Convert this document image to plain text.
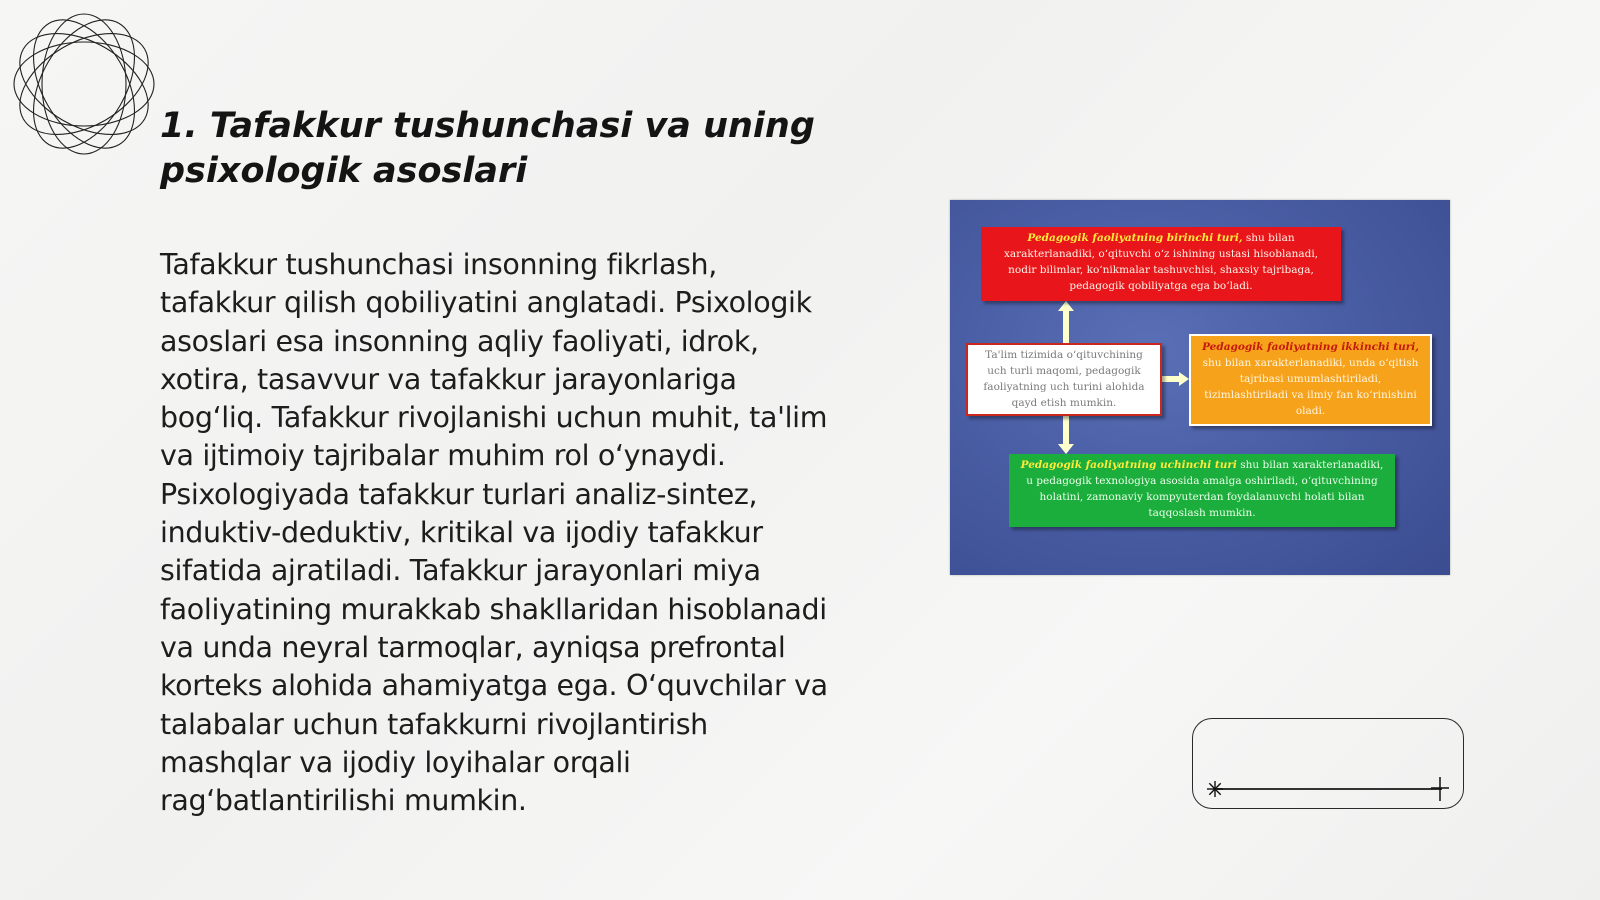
1. Tafakkur tushunchasi va uning
psixologik asoslari

Tafakkur tushunchasi insonning fikrlash, tafakkur qilish qobiliyatini anglatadi. Psixologik asoslari esa insonning aqliy faoliyati, idrok, xotira, tasavvur va tafakkur jarayonlariga bog‘liq. Tafakkur rivojlanishi uchun muhit, ta'lim va ijtimoiy tajribalar muhim rol o‘ynaydi. Psixologiyada tafakkur turlari analiz-sintez, induktiv-deduktiv, kritikal va ijodiy tafakkur sifatida ajratiladi. Tafakkur jarayonlari miya faoliyatining murakkab shakllaridan hisoblanadi va unda neyral tarmoqlar, ayniqsa prefrontal korteks alohida ahamiyatga ega. O‘quvchilar va talabalar uchun tafakkurni rivojlantirish mashqlar va ijodiy loyihalar orqali rag‘batlantirilishi mumkin.

Pedagogik faoliyatning birinchi turi, shu bilan xarakterlanadiki, o‘qituvchi o‘z ishining ustasi hisoblanadi, nodir bilimlar, ko‘nikmalar tashuvchisi, shaxsiy tajribaga, pedagogik qobiliyatga ega bo‘ladi.
Ta'lim tizimida o‘qituvchining uch turli maqomi, pedagogik faoliyatning uch turini alohida qayd etish mumkin.
Pedagogik faoliyatning ikkinchi turi, shu bilan xarakterlanadiki, unda o‘qitish tajribasi umumlashtiriladi, tizimlashtiriladi va ilmiy fan ko‘rinishini oladi.
Pedagogik faoliyatning uchinchi turi shu bilan xarakterlanadiki, u pedagogik texnologiya asosida amalga oshiriladi, o‘qituvchining holatini, zamonaviy kompyuterdan foydalanuvchi holati bilan taqqoslash mumkin.
